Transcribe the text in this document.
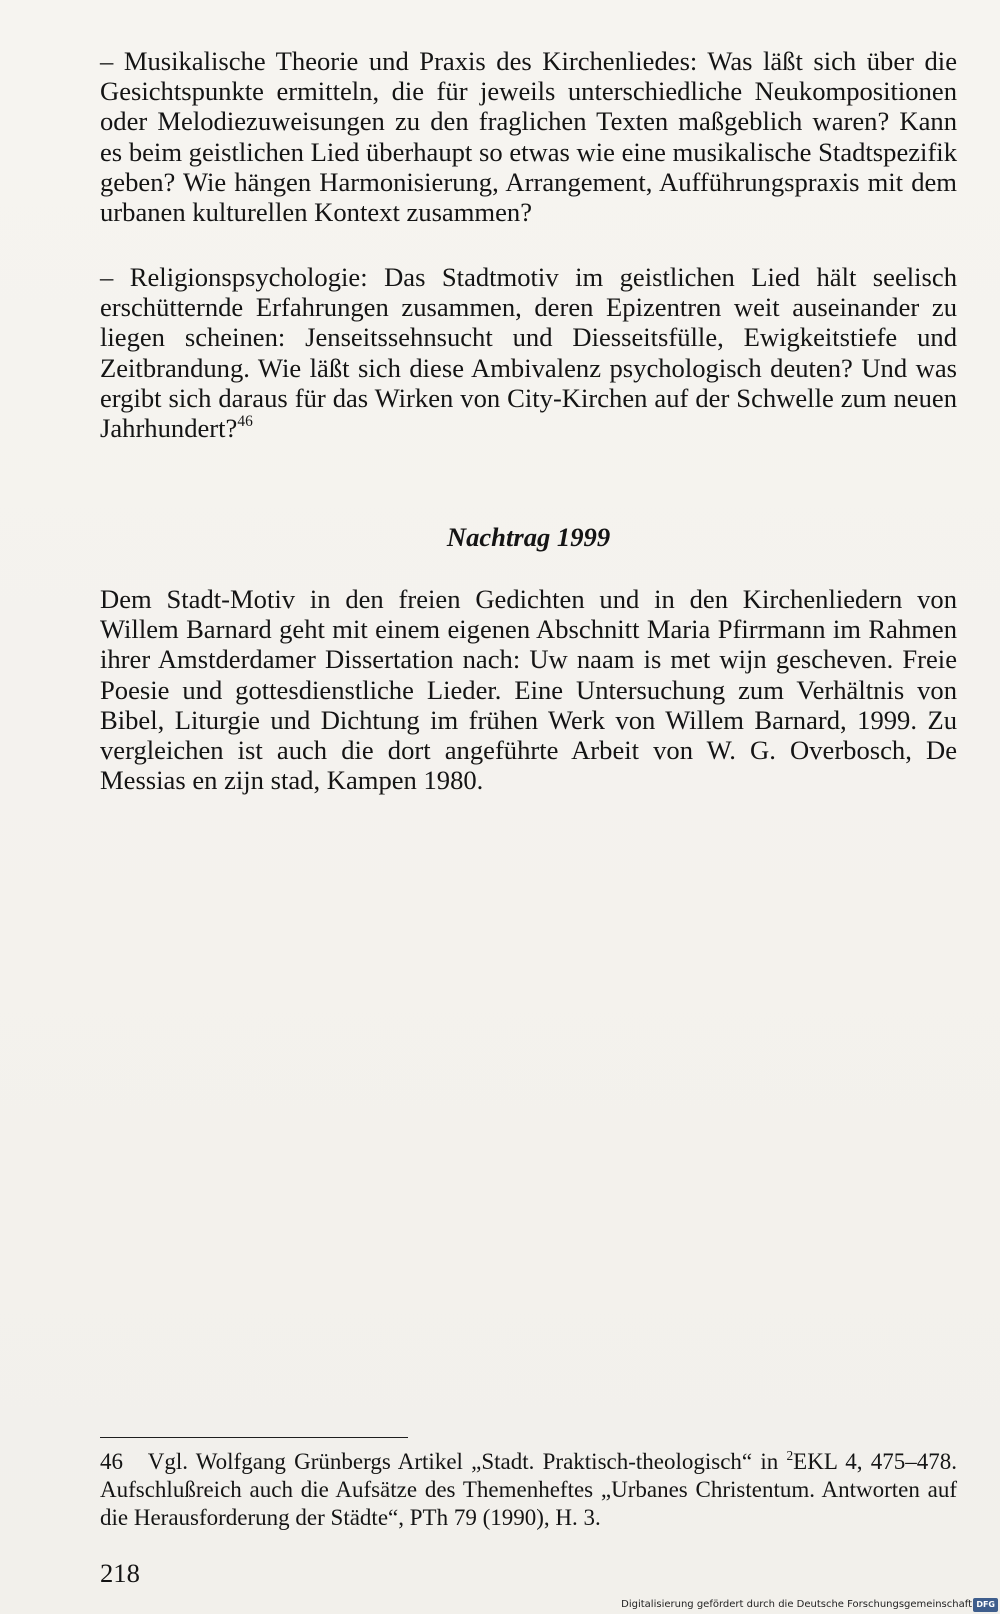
– Musikalische Theorie und Praxis des Kirchenliedes: Was läßt sich über die Gesichtspunkte ermitteln, die für jeweils unterschiedliche Neukompositionen oder Melodiezuweisungen zu den fraglichen Texten maßgeblich waren? Kann es beim geistlichen Lied überhaupt so etwas wie eine musikalische Stadtspezifik geben? Wie hängen Harmonisierung, Arrangement, Aufführungspraxis mit dem urbanen kulturellen Kontext zusammen?

– Religionspsychologie: Das Stadtmotiv im geistlichen Lied hält seelisch erschütternde Erfahrungen zusammen, deren Epizentren weit auseinander zu liegen scheinen: Jenseitssehnsucht und Diesseitsfülle, Ewigkeitstiefe und Zeitbrandung. Wie läßt sich diese Ambivalenz psychologisch deuten? Und was ergibt sich daraus für das Wirken von City-Kirchen auf der Schwelle zum neuen Jahrhundert?$^{46}$

Nachtrag 1999

Dem Stadt-Motiv in den freien Gedichten und in den Kirchenliedern von Willem Barnard geht mit einem eigenen Abschnitt Maria Pfirrmann im Rahmen ihrer Amstderdamer Dissertation nach: Uw naam is met wijn gescheven. Freie Poesie und gottesdienstliche Lieder. Eine Untersuchung zum Verhältnis von Bibel, Liturgie und Dichtung im frühen Werk von Willem Barnard, 1999. Zu vergleichen ist auch die dort angeführte Arbeit von W. G. Overbosch, De Messias en zijn stad, Kampen 1980.

46 Vgl. Wolfgang Grünbergs Artikel „Stadt. Praktisch-theologisch“ in $^2$EKL 4, 475–478. Aufschlußreich auch die Aufsätze des Themenheftes „Urbanes Christentum. Antworten auf die Herausforderung der Städte“, PTh 79 (1990), H. 3.

218

Digitalisierung gefördert durch die Deutsche Forschungsgemeinschaft DFG
